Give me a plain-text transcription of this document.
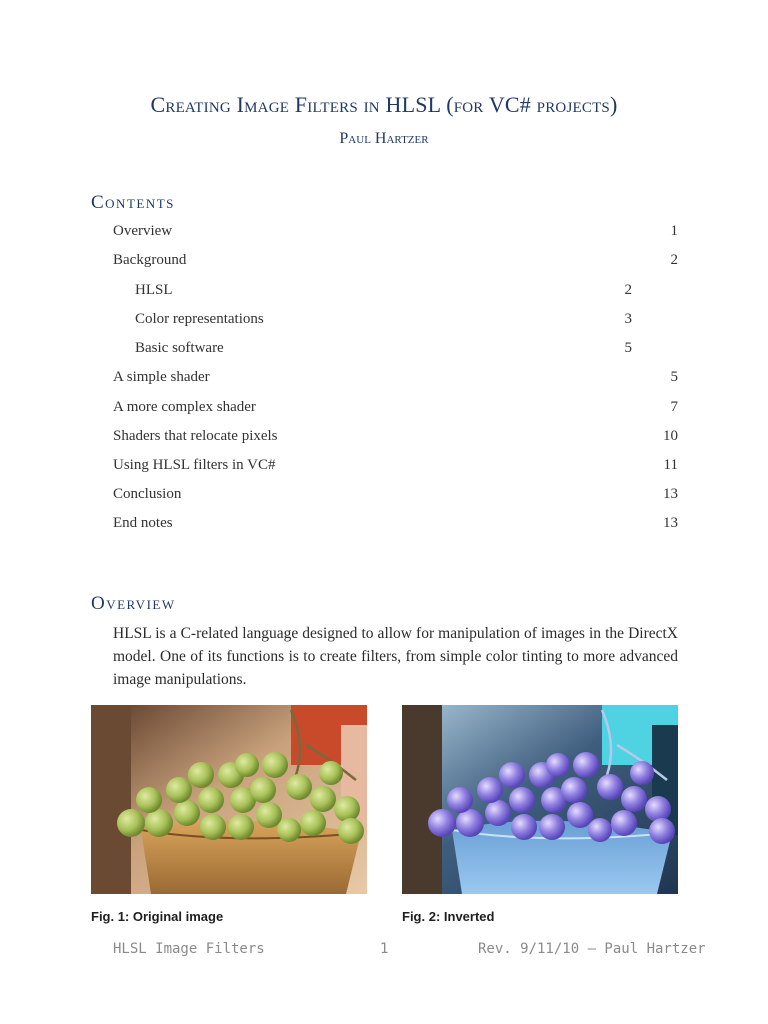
Creating Image Filters in HLSL (for VC# projects)
Paul Hartzer
Contents
Overview	1
Background	2
HLSL	2
Color representations	3
Basic software	5
A simple shader	5
A more complex shader	7
Shaders that relocate pixels	10
Using HLSL filters in VC#	11
Conclusion	13
End notes	13
Overview
HLSL is a C-related language designed to allow for manipulation of images in the DirectX model. One of its functions is to create filters, from simple color tinting to more advanced image manipulations.
Fig. 1: Original image	Fig. 2: Inverted
HLSL Image Filters	1	Rev. 9/11/10 – Paul Hartzer
